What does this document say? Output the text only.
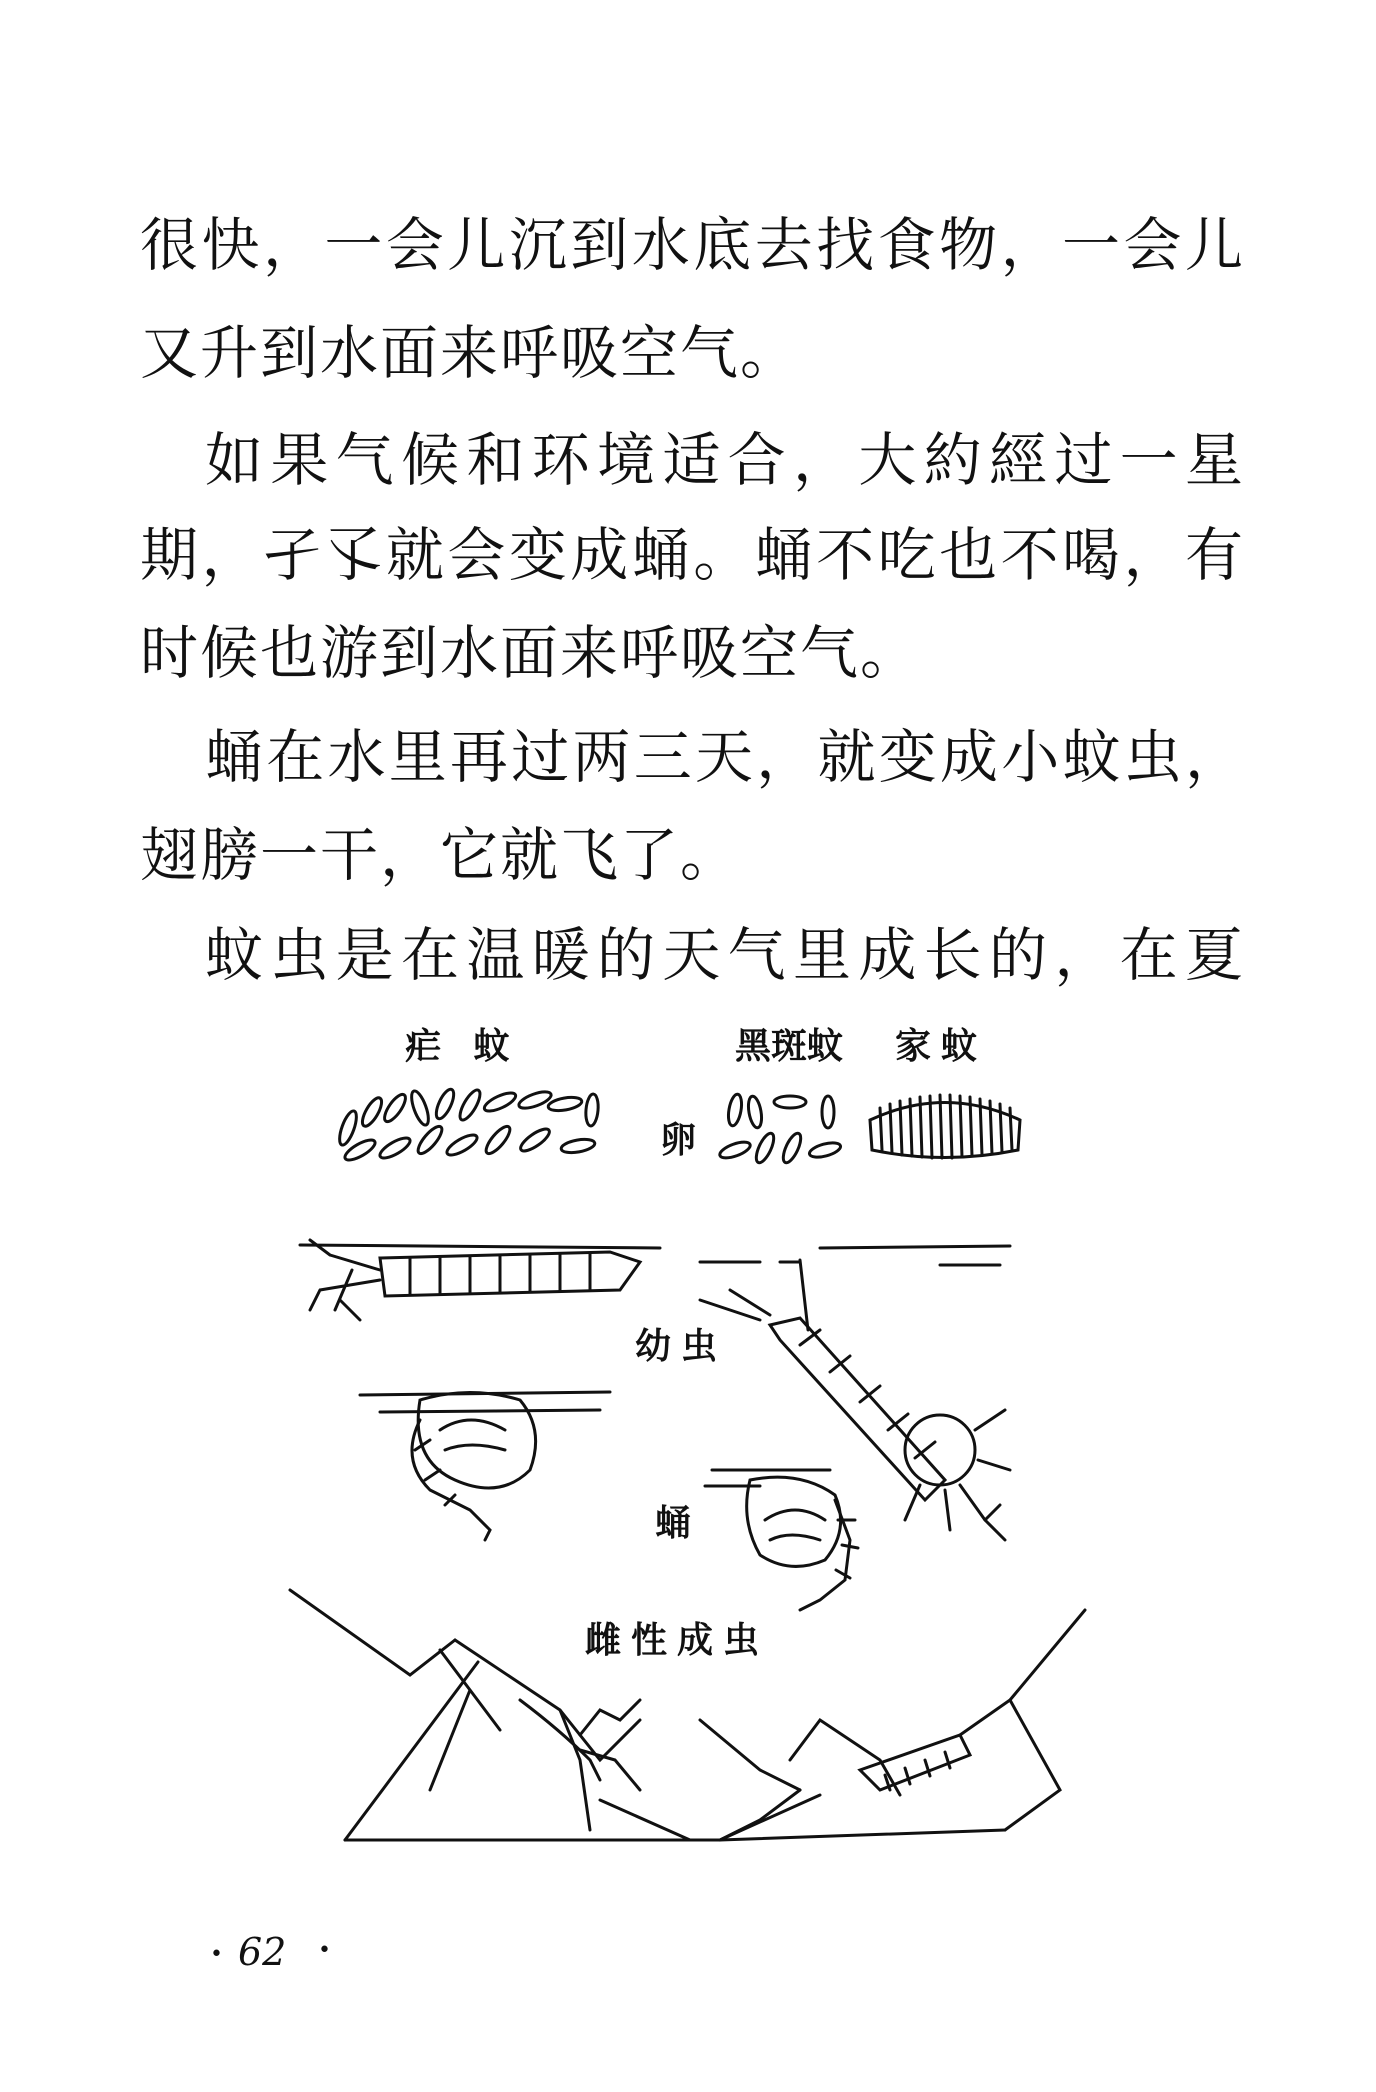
很快，一会儿沉到水底去找食物，一会儿
又升到水面来呼吸空气。
如果气候和环境适合，大約經过一星
期，孑孓就会变成蛹。蛹不吃也不喝，有
时候也游到水面来呼吸空气。
蛹在水里再过两三天，就变成小蚊虫，
翅膀一干，它就飞了。
蚊虫是在温暖的天气里成长的，在夏
疟 蚊	黑斑蚊 家蚊
卵
幼虫
蛹
雌性成虫
• 62 •
